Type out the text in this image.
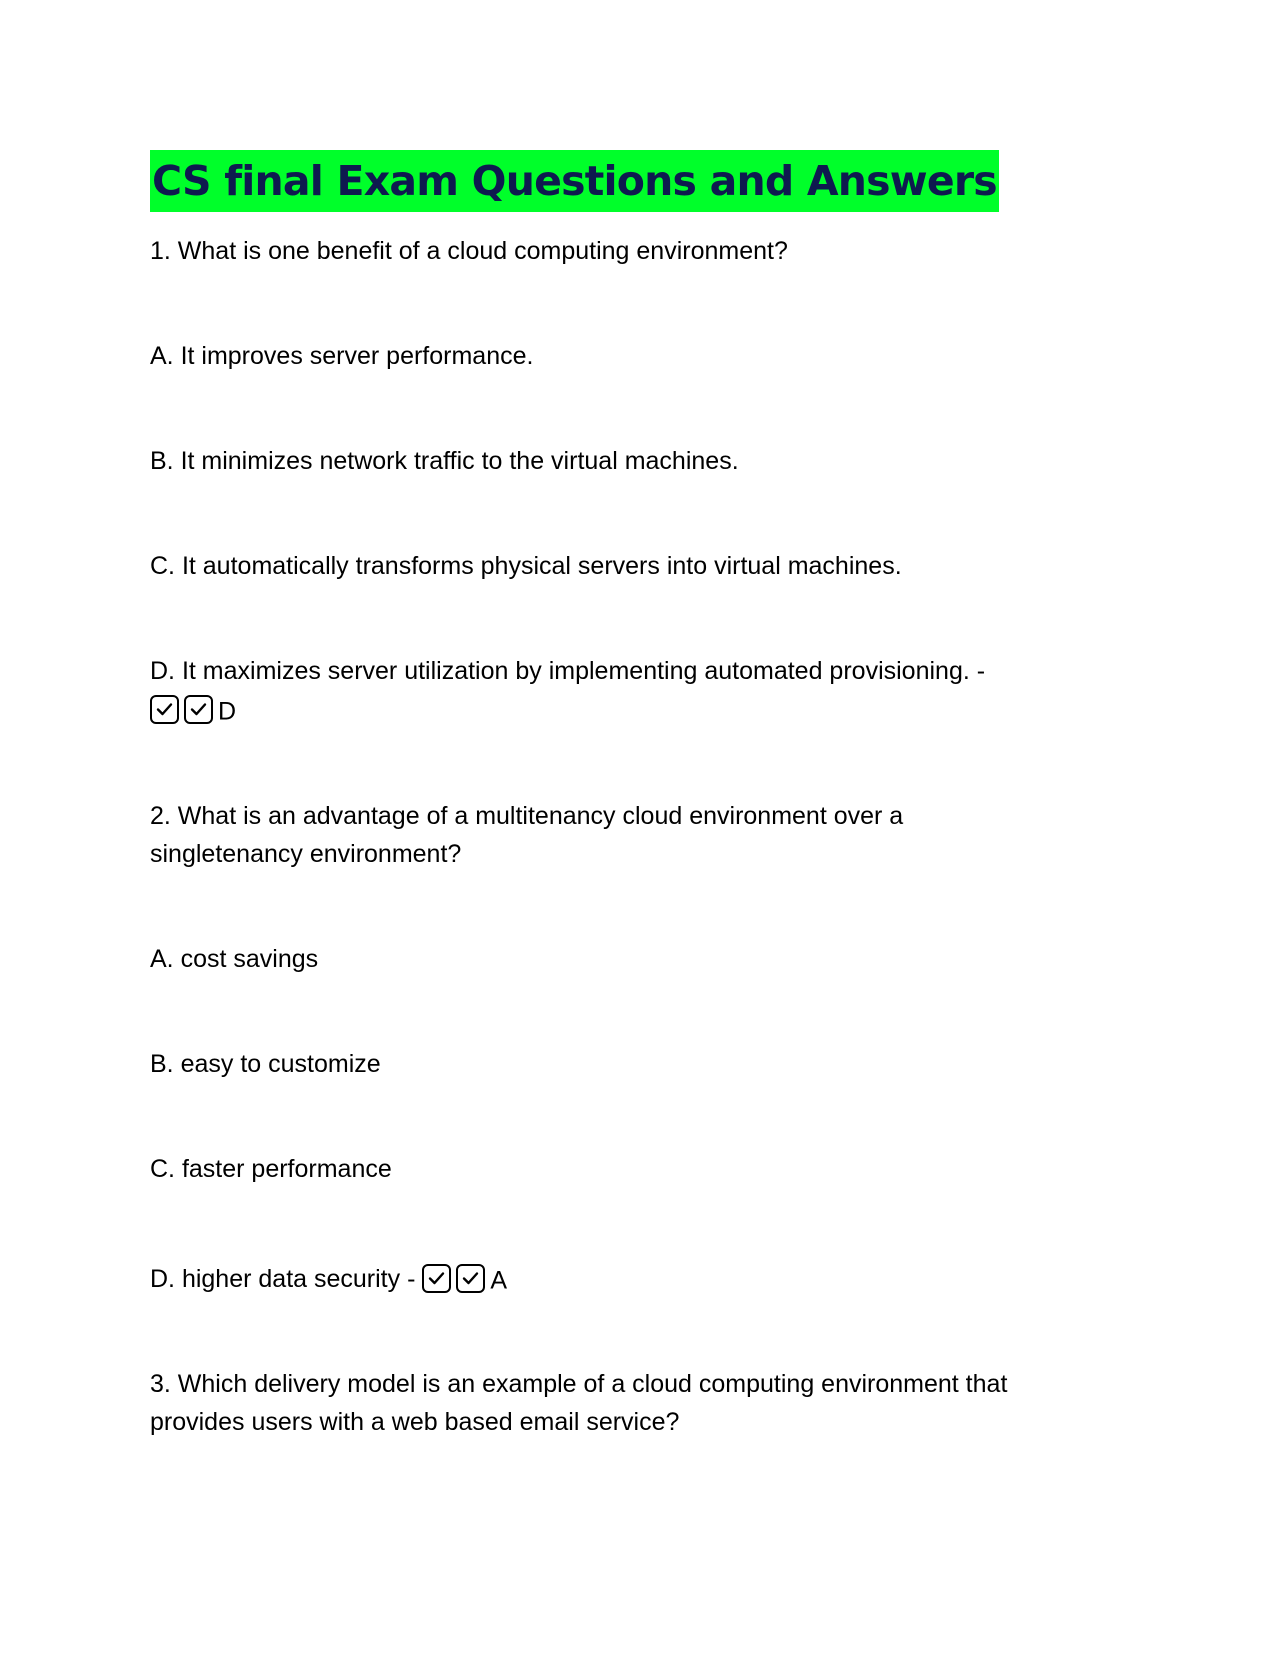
CS final Exam Questions and Answers
1. What is one benefit of a cloud computing environment?
A. It improves server performance.
B. It minimizes network traffic to the virtual machines.
C. It automatically transforms physical servers into virtual machines.
D. It maximizes server utilization by implementing automated provisioning. -
D
2. What is an advantage of a multitenancy cloud environment over a
singletenancy environment?
A. cost savings
B. easy to customize
C. faster performance
D. higher data security -	A
3. Which delivery model is an example of a cloud computing environment that
provides users with a web based email service?
